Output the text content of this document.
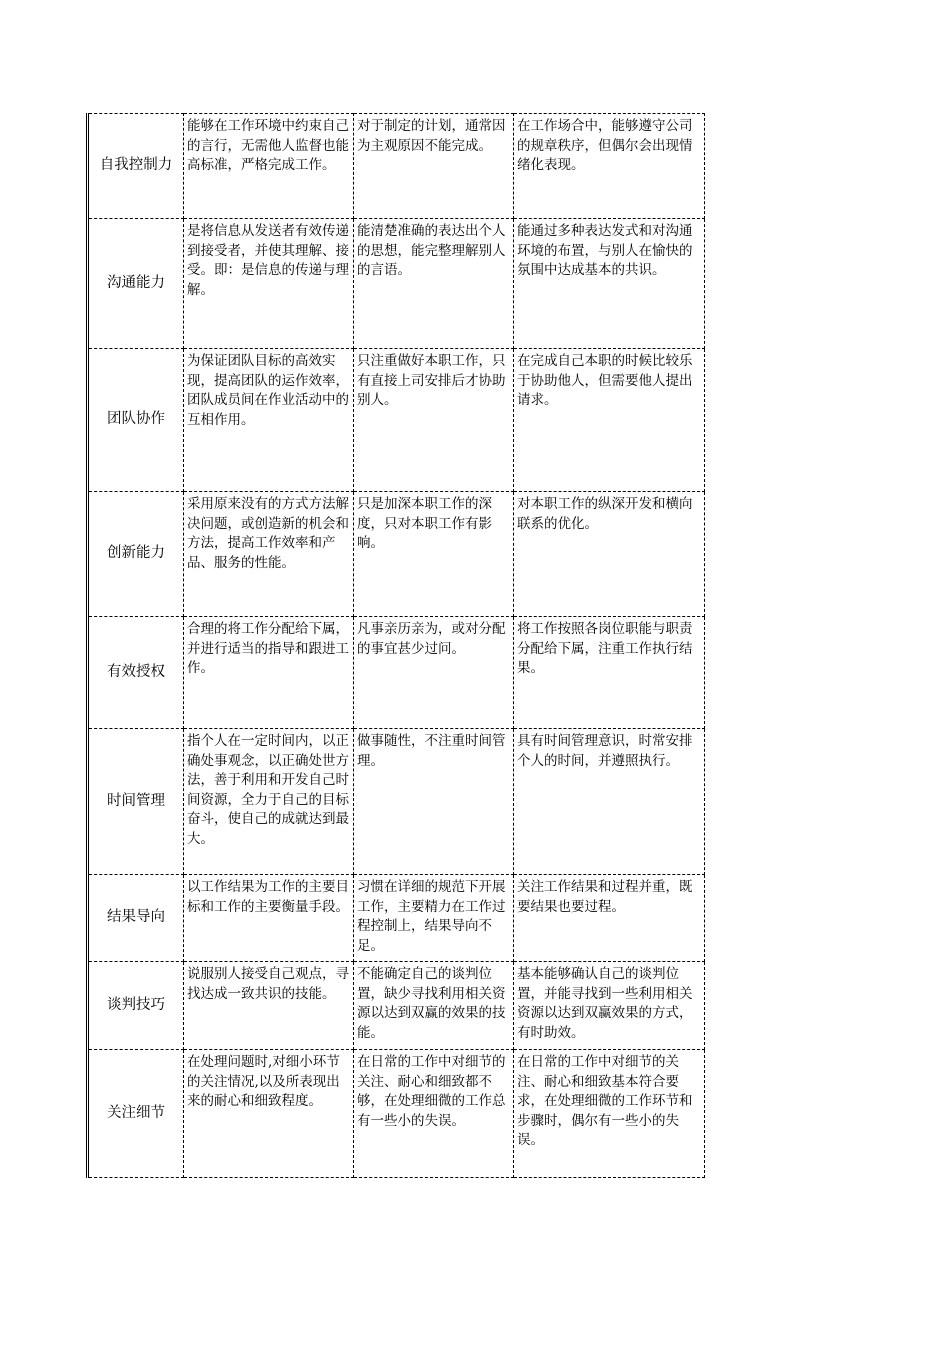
自我控制力	能够在工作环境中约束自己的言行，无需他人监督也能高标准，严格完成工作。	对于制定的计划，通常因为主观原因不能完成。	在工作场合中，能够遵守公司的规章秩序，但偶尔会出现情绪化表现。
沟通能力	是将信息从发送者有效传递到接受者，并使其理解、接受。即：是信息的传递与理解。	能清楚准确的表达出个人的思想，能完整理解别人的言语。	能通过多种表达发式和对沟通环境的布置，与别人在愉快的氛围中达成基本的共识。
团队协作	为保证团队目标的高效实现，提高团队的运作效率，团队成员间在作业活动中的互相作用。	只注重做好本职工作，只有直接上司安排后才协助别人。	在完成自己本职的时候比较乐于协助他人，但需要他人提出请求。
创新能力	采用原来没有的方式方法解决问题，或创造新的机会和方法，提高工作效率和产品、服务的性能。	只是加深本职工作的深度，只对本职工作有影响。	对本职工作的纵深开发和横向联系的优化。
有效授权	合理的将工作分配给下属，并进行适当的指导和跟进工作。	凡事亲历亲为，或对分配的事宜甚少过问。	将工作按照各岗位职能与职责分配给下属，注重工作执行结果。
时间管理	指个人在一定时间内，以正确处事观念，以正确处世方法，善于利用和开发自己时间资源，全力于自己的目标奋斗，使自己的成就达到最大。	做事随性，不注重时间管理。	具有时间管理意识，时常安排个人的时间，并遵照执行。
结果导向	以工作结果为工作的主要目标和工作的主要衡量手段。	习惯在详细的规范下开展工作，主要精力在工作过程控制上，结果导向不足。	关注工作结果和过程并重，既要结果也要过程。
谈判技巧	说服别人接受自己观点，寻找达成一致共识的技能。	不能确定自己的谈判位置，缺少寻找利用相关资源以达到双赢的效果的技能。	基本能够确认自己的谈判位置，并能寻找到一些利用相关资源以达到双赢效果的方式，有时助效。
关注细节	在处理问题时,对细小环节的关注情况,以及所表现出来的耐心和细致程度。	在日常的工作中对细节的关注、耐心和细致都不够，在处理细微的工作总有一些小的失误。	在日常的工作中对细节的关注、耐心和细致基本符合要求，在处理细微的工作环节和步骤时，偶尔有一些小的失误。
